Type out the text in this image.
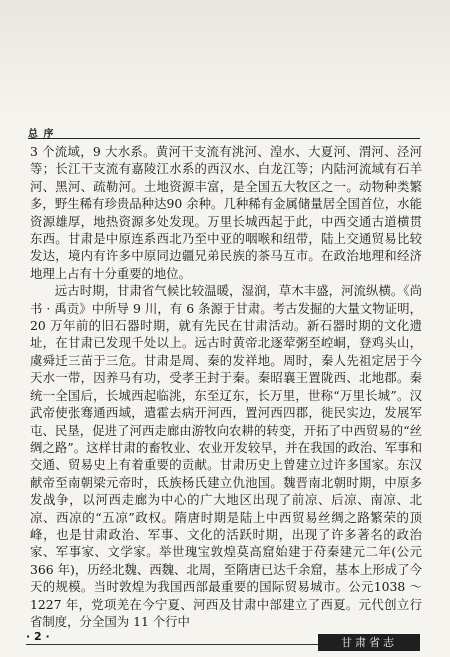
总 序

3 个流域，9 大水系。黄河干支流有洮河、湟水、大夏河、渭河、泾河等；长江干支流有嘉陵江水系的西汉水、白龙江等；内陆河流域有石羊河、黑河、疏勒河。土地资源丰富，是全国五大牧区之一。动物种类繁多，野生稀有珍贵品种达90 余种。几种稀有金属储量居全国首位，水能资源雄厚，地热资源多处发现。万里长城西起于此，中西交通古道横贯东西。甘肃是中原连系西北乃至中亚的咽喉和纽带，陆上交通贸易比较发达，境内有许多中原同边疆兄弟民族的茶马互市。在政治地理和经济地理上占有十分重要的地位。

远古时期，甘肃省气候比较温暖，湿润，草木丰盛，河流纵横。《尚书 · 禹贡》中所导 9 川，有 6 条源于甘肃。考古发掘的大量文物证明，20 万年前的旧石器时期，就有先民在甘肃活动。新石器时期的文化遗址，在甘肃已发现千处以上。远古时黄帝北逐荤粥至崆峒，登鸡头山，虞舜迁三苗于三危。甘肃是周、秦的发祥地。周时，秦人先祖定居于今天水一带，因养马有功，受孝王封于秦。秦昭襄王置陇西、北地郡。秦统一全国后，长城西起临洮，东至辽东，长万里，世称“万里长城”。汉武帝使张骞通西域，遣霍去病开河西，置河西四郡，徙民实边，发展军屯、民垦，促进了河西走廊由游牧向农耕的转变，开拓了中西贸易的“丝绸之路”。这样甘肃的畜牧业、农业开发较早，并在我国的政治、军事和交通、贸易史上有着重要的贡献。甘肃历史上曾建立过许多国家。东汉献帝至南朝梁元帝时，氐族杨氏建立仇池国。魏晋南北朝时期，中原多发战争，以河西走廊为中心的广大地区出现了前凉、后凉、南凉、北凉、西凉的“五凉”政权。隋唐时期是陆上中西贸易丝绸之路繁荣的顶峰，也是甘肃政治、军事、文化的活跃时期，出现了许多著名的政治家、军事家、文学家。举世瑰宝敦煌莫高窟始建于苻秦建元二年(公元366 年)，历经北魏、西魏、北周，至隋唐已达千余窟，基本上形成了今天的规模。当时敦煌为我国西部最重要的国际贸易城市。公元1038 ～ 1227 年，党项羌在今宁夏、河西及甘肃中部建立了西夏。元代创立行省制度，分全国为 11 个行中

· 2 ·	甘肃省志
